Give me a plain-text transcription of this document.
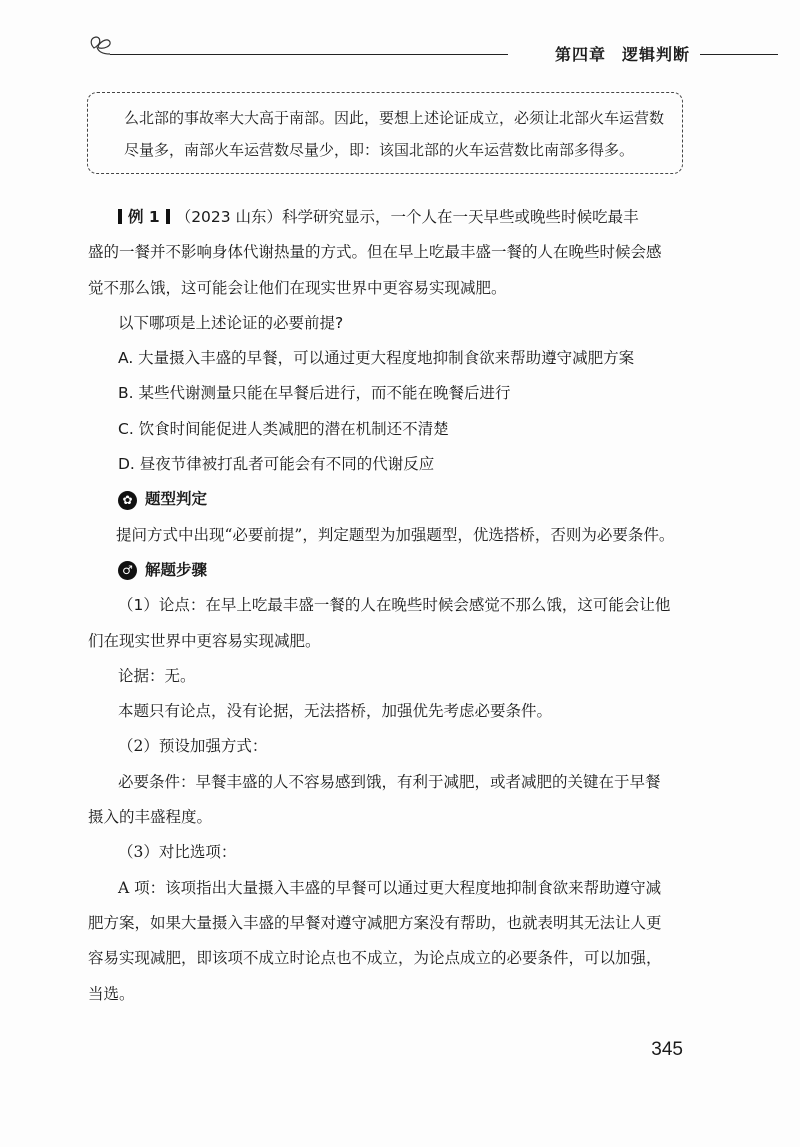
第四章 逻辑判断
么北部的事故率大大高于南部。因此，要想上述论证成立，必须让北部火车运营数
尽量多，南部火车运营数尽量少，即：该国北部的火车运营数比南部多得多。

例 1 （2023 山东）科学研究显示，一个人在一天早些或晚些时候吃最丰

盛的一餐并不影响身体代谢热量的方式。但在早上吃最丰盛一餐的人在晚些时候会感

觉不那么饿，这可能会让他们在现实世界中更容易实现减肥。

以下哪项是上述论证的必要前提?

A. 大量摄入丰盛的早餐，可以通过更大程度地抑制食欲来帮助遵守减肥方案

B. 某些代谢测量只能在早餐后进行，而不能在晚餐后进行

C. 饮食时间能促进人类减肥的潜在机制还不清楚

D. 昼夜节律被打乱者可能会有不同的代谢反应

✿ 题型判定

提问方式中出现“必要前提”，判定题型为加强题型，优选搭桥，否则为必要条件。

♂ 解题步骤

（1）论点：在早上吃最丰盛一餐的人在晚些时候会感觉不那么饿，这可能会让他

们在现实世界中更容易实现减肥。

论据：无。

本题只有论点，没有论据，无法搭桥，加强优先考虑必要条件。

（2）预设加强方式：

必要条件：早餐丰盛的人不容易感到饿，有利于减肥，或者减肥的关键在于早餐

摄入的丰盛程度。

（3）对比选项：

A 项：该项指出大量摄入丰盛的早餐可以通过更大程度地抑制食欲来帮助遵守减

肥方案，如果大量摄入丰盛的早餐对遵守减肥方案没有帮助，也就表明其无法让人更

容易实现减肥，即该项不成立时论点也不成立，为论点成立的必要条件，可以加强，

当选。

345
